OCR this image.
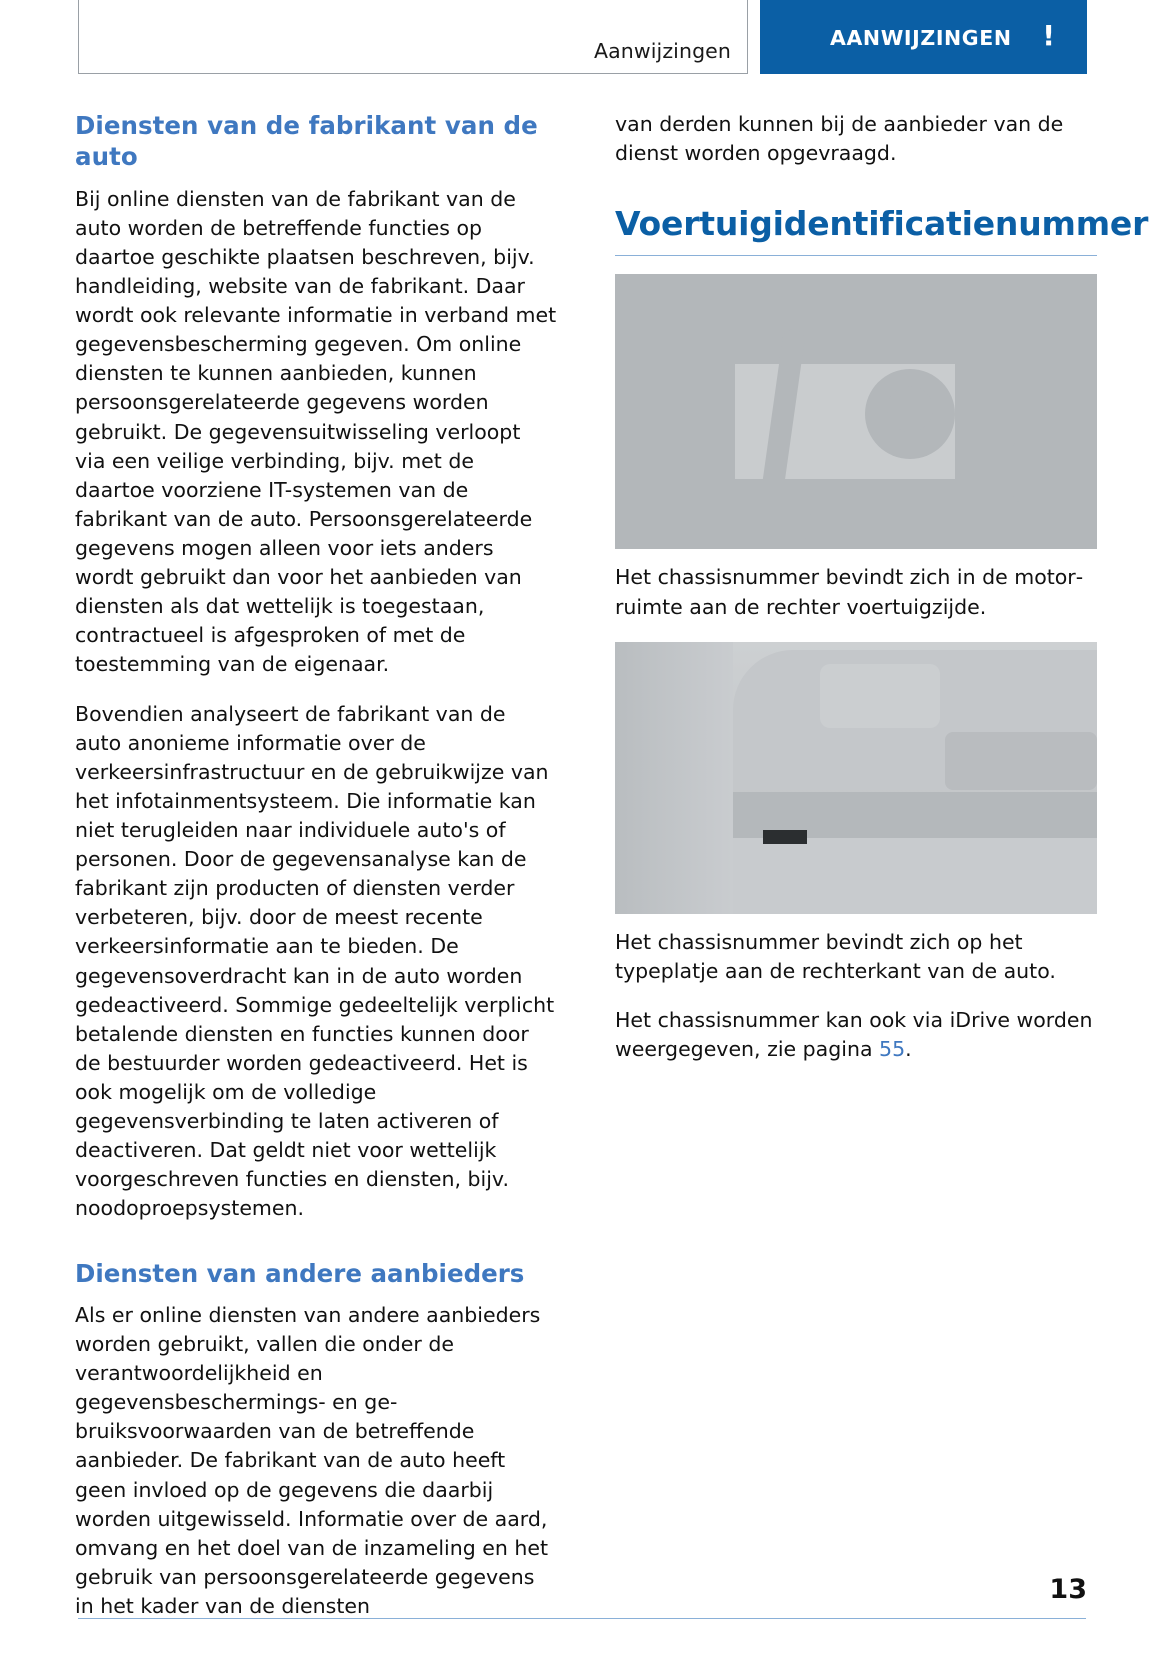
Aanwijzingen
AANWIJZINGEN !
Diensten van de fabrikant van de auto

Bij online diensten van de fabrikant van de auto worden de betreffende functies op daartoe geschikte plaatsen beschreven, bijv. handleiding, website van de fabrikant. Daar wordt ook relevante informatie in verband met gegevensbescherming gegeven. Om online diensten te kunnen aanbieden, kunnen persoonsgerelateerde gegevens worden gebruikt. De gegevensuitwisseling verloopt via een veilige verbinding, bijv. met de daartoe voorziene IT-systemen van de fabrikant van de auto. Persoonsgerelateerde gegevens mogen alleen voor iets anders wordt gebruikt dan voor het aanbieden van diensten als dat wettelijk is toegestaan, contractueel is afgesproken of met de toestemming van de eigenaar.

Bovendien analyseert de fabrikant van de auto anonieme informatie over de verkeersinfrastructuur en de gebruikwijze van het infotainmentsysteem. Die informatie kan niet terugleiden naar individuele auto's of personen. Door de gegevensanalyse kan de fabrikant zijn producten of diensten verder verbeteren, bijv. door de meest recente verkeersinformatie aan te bieden. De gegevensoverdracht kan in de auto worden gedeactiveerd. Sommige gedeeltelijk verplicht betalende diensten en functies kunnen door de bestuurder worden gedeactiveerd. Het is ook mogelijk om de volledige gegevensverbinding te laten activeren of deactiveren. Dat geldt niet voor wettelijk voorgeschreven functies en diensten, bijv. noodoproepsystemen.

Diensten van andere aanbieders

Als er online diensten van andere aanbieders worden gebruikt, vallen die onder de verantwoordelijkheid en gegevensbeschermings- en gebruiksvoorwaarden van de betreffende aanbieder. De fabrikant van de auto heeft geen invloed op de gegevens die daarbij worden uitgewisseld. Informatie over de aard, omvang en het doel van de inzameling en het gebruik van persoonsgerelateerde gegevens in het kader van de diensten

van derden kunnen bij de aanbieder van de dienst worden opgevraagd.

Voertuigidentificatienummer

Het chassisnummer bevindt zich in de motorruimte aan de rechter voertuigzijde.

Het chassisnummer bevindt zich op het typeplatje aan de rechterkant van de auto.

Het chassisnummer kan ook via iDrive worden weergegeven, zie pagina 55.

13
